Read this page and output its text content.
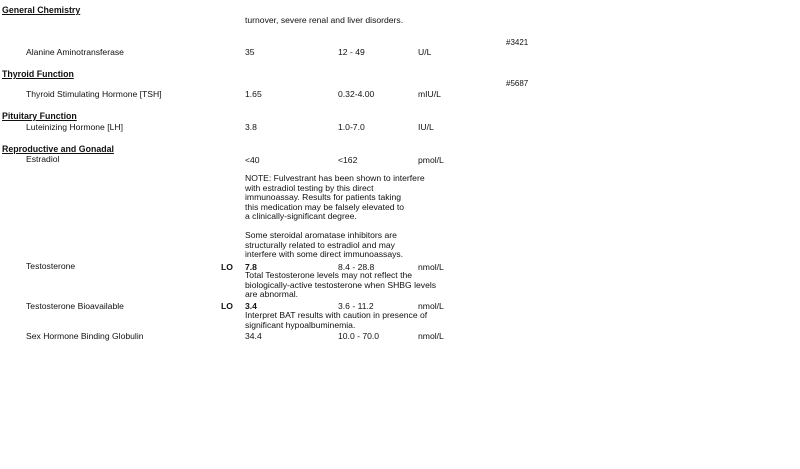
General Chemistry
turnover, severe renal and liver disorders.
#3421
Alanine Aminotransferase	35	12 - 49	U/L
Thyroid Function
#5687
Thyroid Stimulating Hormone [TSH]	1.65	0.32-4.00	mIU/L
Pituitary Function
Luteinizing Hormone [LH]	3.8	1.0-7.0	IU/L
Reproductive and Gonadal
Estradiol	<40	<162	pmol/L
NOTE: Fulvestrant has been shown to interfere
with estradiol testing by this direct
immunoassay. Results for patients taking
this medication may be falsely elevated to
a clinically-significant degree.
Some steroidal aromatase inhibitors are
structurally related to estradiol and may
interfere with some direct immunoassays.
Testosterone	LO 7.8	8.4 - 28.8	nmol/L
Total Testosterone levels may not reflect the
biologically-active testosterone when SHBG levels
are abnormal.
Testosterone Bioavailable	LO 3.4	3.6 - 11.2	nmol/L
Interpret BAT results with caution in presence of
significant hypoalbuminemia.
Sex Hormone Binding Globulin	34.4	10.0 - 70.0	nmol/L
